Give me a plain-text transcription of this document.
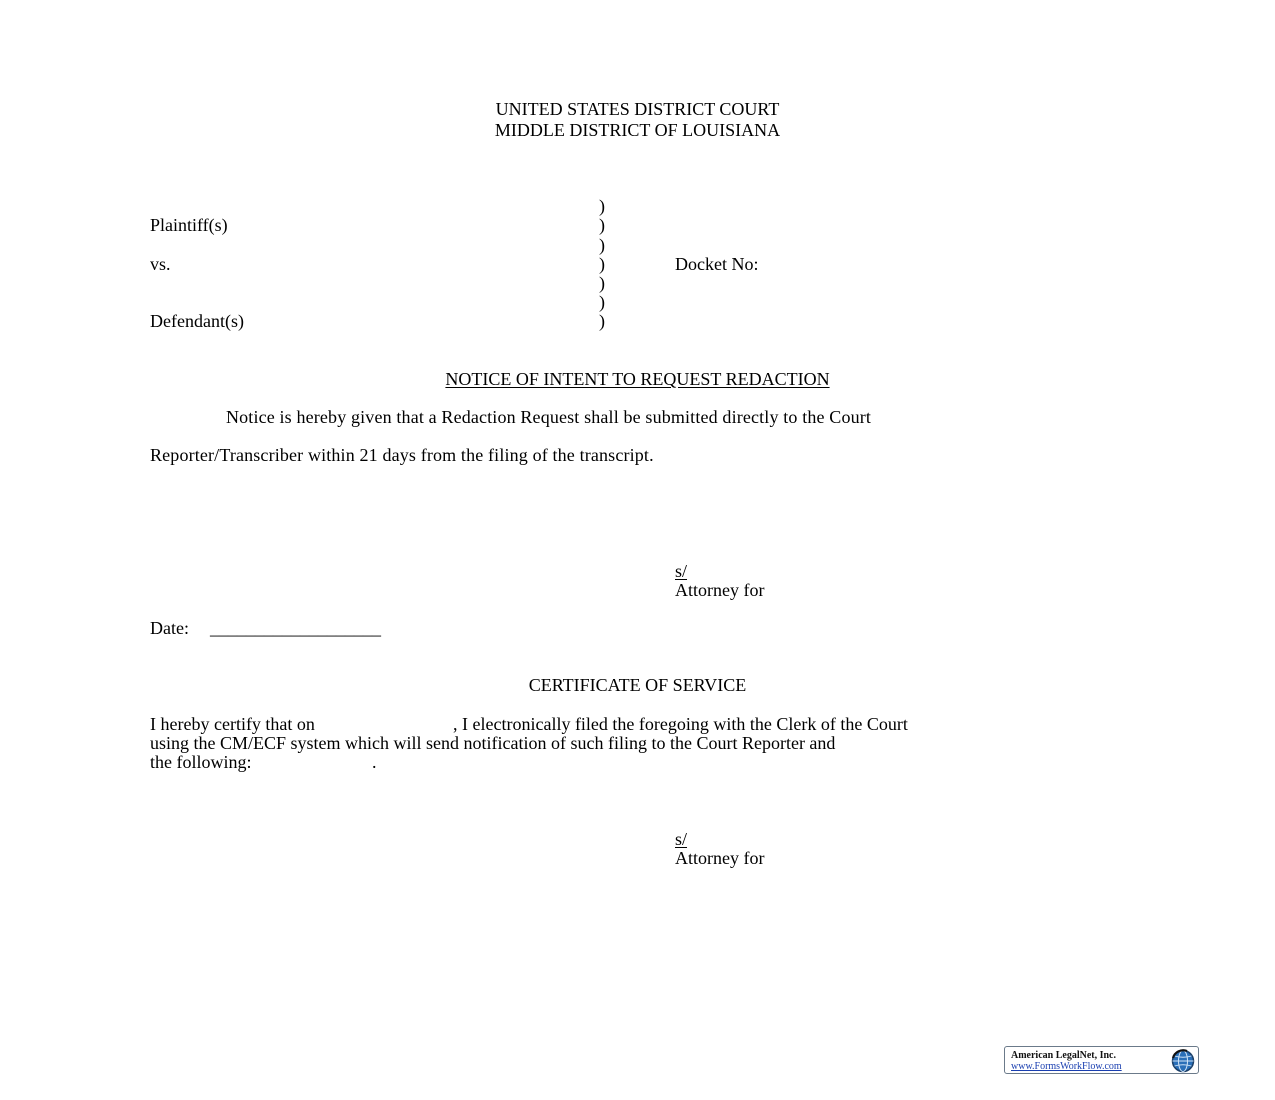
UNITED STATES DISTRICT COURT
MIDDLE DISTRICT OF LOUISIANA
)
Plaintiff(s)	)
)
vs.	)	Docket No:
)
)
Defendant(s)	)
NOTICE OF INTENT TO REQUEST REDACTION
Notice is hereby given that a Redaction Request shall be submitted directly to the Court
Reporter/Transcriber within 21 days from the filing of the transcript.
s/
Attorney for
Date: ___________________
CERTIFICATE OF SERVICE
I hereby certify that on	, I electronically filed the foregoing with the Clerk of the Court
using the CM/ECF system which will send notification of such filing to the Court Reporter and
the following:	.
s/
Attorney for
American LegalNet, Inc.
www.FormsWorkFlow.com
